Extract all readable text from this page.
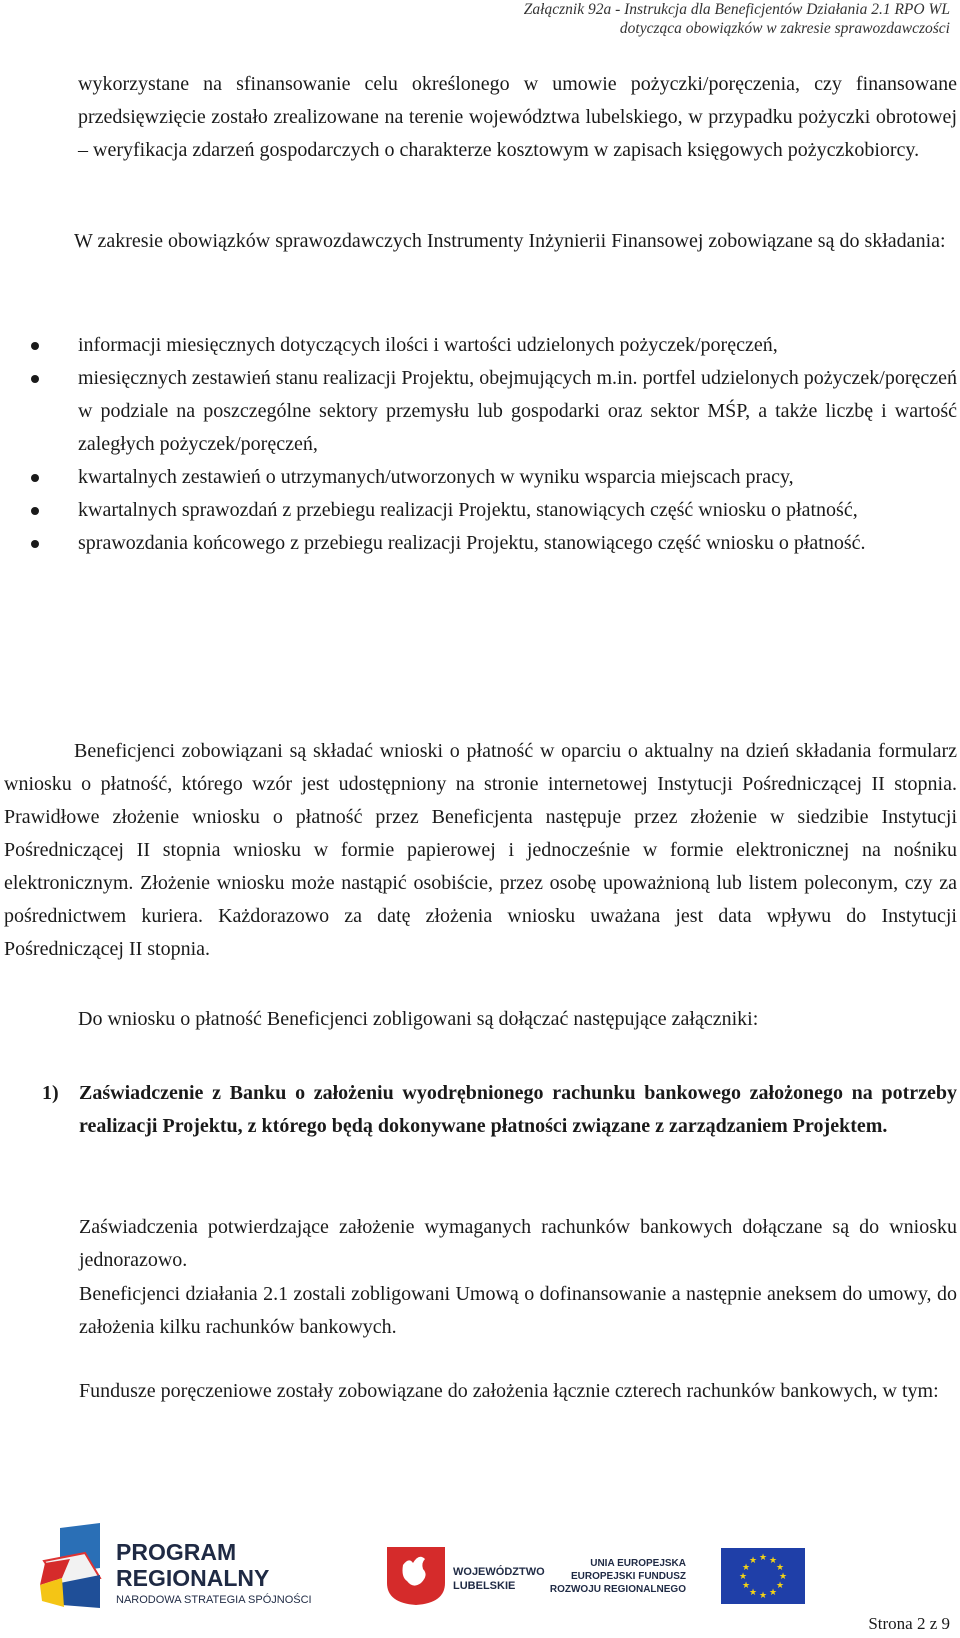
Załącznik 92a - Instrukcja dla Beneficjentów Działania 2.1 RPO WL
dotycząca obowiązków w zakresie sprawozdawczości

wykorzystane na sfinansowanie celu określonego w umowie pożyczki/poręczenia, czy finansowane przedsięwzięcie zostało zrealizowane na terenie województwa lubelskiego, w przypadku pożyczki obrotowej – weryfikacja zdarzeń gospodarczych o charakterze kosztowym w zapisach księgowych pożyczkobiorcy.

W zakresie obowiązków sprawozdawczych Instrumenty Inżynierii Finansowej zobowiązane są do składania:

informacji miesięcznych dotyczących ilości i wartości udzielonych pożyczek/poręczeń,
miesięcznych zestawień stanu realizacji Projektu, obejmujących m.in. portfel udzielonych pożyczek/poręczeń w podziale na poszczególne sektory przemysłu lub gospodarki oraz sektor MŚP, a także liczbę i wartość zaległych pożyczek/poręczeń,
kwartalnych zestawień o utrzymanych/utworzonych w wyniku wsparcia miejscach pracy,
kwartalnych sprawozdań z przebiegu realizacji Projektu, stanowiących część wniosku o płatność,
sprawozdania końcowego z przebiegu realizacji Projektu, stanowiącego część wniosku o płatność.

Beneficjenci zobowiązani są składać wnioski o płatność w oparciu o aktualny na dzień składania formularz wniosku o płatność, którego wzór jest udostępniony na stronie internetowej Instytucji Pośredniczącej II stopnia. Prawidłowe złożenie wniosku o płatność przez Beneficjenta następuje przez złożenie w siedzibie Instytucji Pośredniczącej II stopnia wniosku w formie papierowej i jednocześnie w formie elektronicznej na nośniku elektronicznym. Złożenie wniosku może nastąpić osobiście, przez osobę upoważnioną lub listem poleconym, czy za pośrednictwem kuriera. Każdorazowo za datę złożenia wniosku uważana jest data wpływu do Instytucji Pośredniczącej II stopnia.

Do wniosku o płatność Beneficjenci zobligowani są dołączać następujące załączniki:

1) Zaświadczenie z Banku o założeniu wyodrębnionego rachunku bankowego założonego na potrzeby realizacji Projektu, z którego będą dokonywane płatności związane z zarządzaniem Projektem.

Zaświadczenia potwierdzające założenie wymaganych rachunków bankowych dołączane są do wniosku jednorazowo.

Beneficjenci działania 2.1 zostali zobligowani Umową o dofinansowanie a następnie aneksem do umowy, do założenia kilku rachunków bankowych.

Fundusze poręczeniowe zostały zobowiązane do założenia łącznie czterech rachunków bankowych, w tym:

PROGRAM
REGIONALNY
NARODOWA STRATEGIA SPÓJNOŚCI
WOJEWÓDZTWO
LUBELSKIE
UNIA EUROPEJSKA
EUROPEJSKI FUNDUSZ
ROZWOJU REGIONALNEGO
★ ★
★
★
★
★
★
★
★
★
★
★
Strona 2 z 9
